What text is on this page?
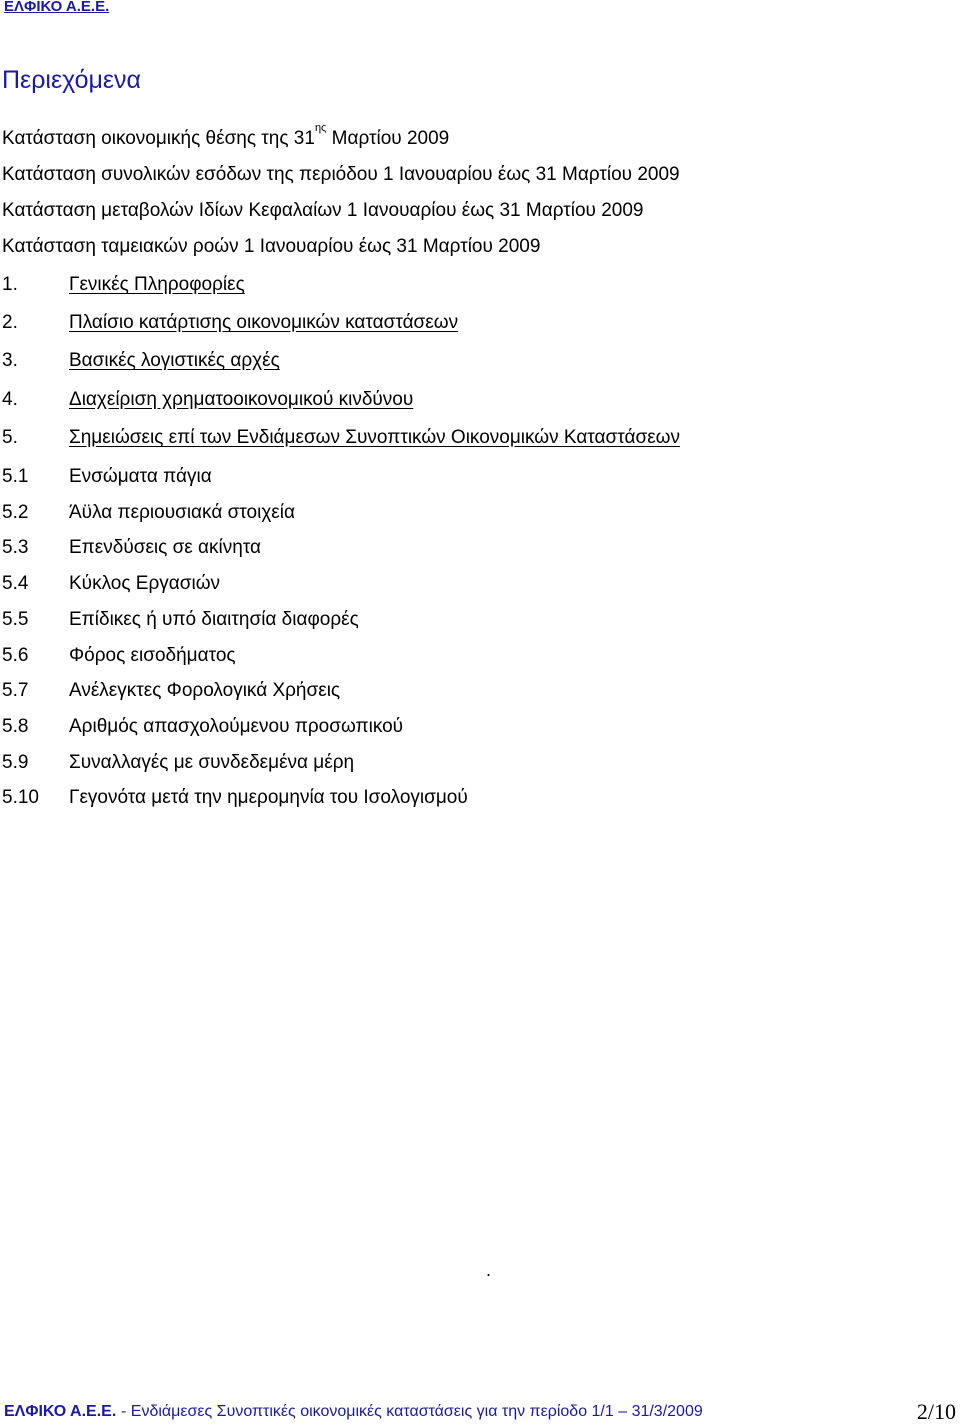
ΕΛΦΙΚΟ Α.Ε.Ε.
Περιεχόμενα
Κατάσταση οικονομικής θέσης της $31^{\eta\varsigma}$ Μαρτίου 2009
Κατάσταση συνολικών εσόδων της περιόδου 1 Ιανουαρίου έως 31 Μαρτίου 2009
Κατάσταση μεταβολών Ιδίων Κεφαλαίων 1 Ιανουαρίου έως 31 Μαρτίου 2009
Κατάσταση ταμειακών ροών 1 Ιανουαρίου έως 31 Μαρτίου 2009
1.	Γενικές Πληροφορίες
2.	Πλαίσιο κατάρτισης οικονομικών καταστάσεων
3.	Βασικές λογιστικές αρχές
4.	Διαχείριση χρηματοοικονομικού κινδύνου
5.	Σημειώσεις επί των Ενδιάμεσων Συνοπτικών Οικονομικών Καταστάσεων
5.1 Ενσώματα πάγια
5.2 Άϋλα περιουσιακά στοιχεία
5.3 Επενδύσεις σε ακίνητα
5.4 Κύκλος Εργασιών
5.5 Επίδικες ή υπό διαιτησία διαφορές
5.6 Φόρος εισοδήματος
5.7 Ανέλεγκτες Φορολογικά Χρήσεις
5.8 Αριθμός απασχολούμενου προσωπικού
5.9 Συναλλαγές με συνδεδεμένα μέρη
5.10 Γεγονότα μετά την ημερομηνία του Ισολογισμού
.
ΕΛΦΙΚΟ Α.Ε.Ε. - Ενδιάμεσες Συνοπτικές οικονομικές καταστάσεις για την περίοδο 1/1 – 31/3/2009	2/10
